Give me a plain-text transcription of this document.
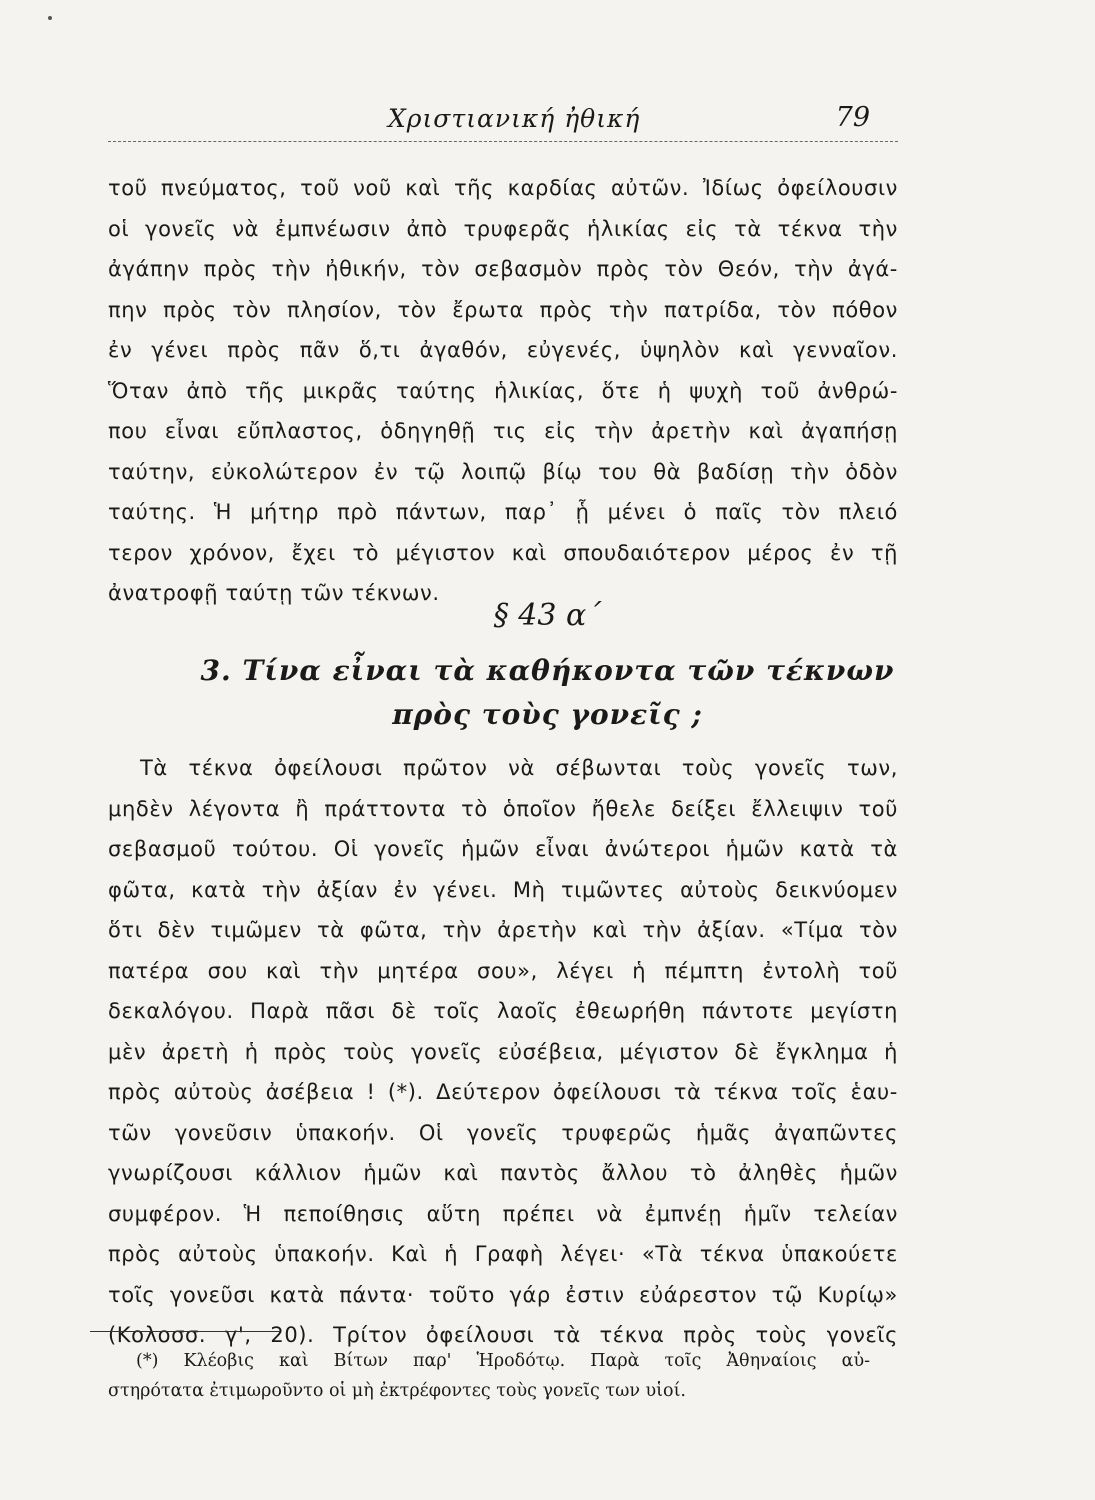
Χριστιανική ἠθική	79
τοῦ πνεύματος, τοῦ νοῦ καὶ τῆς καρδίας αὐτῶν. Ἰδίως ὀφείλουσιν
οἱ γονεῖς νὰ ἐμπνέωσιν ἀπὸ τρυφερᾶς ἡλικίας εἰς τὰ τέκνα τὴν
ἀγάπην πρὸς τὴν ἠθικήν, τὸν σεβασμὸν πρὸς τὸν Θεόν, τὴν ἀγά-
πην πρὸς τὸν πλησίον, τὸν ἔρωτα πρὸς τὴν πατρίδα, τὸν πόθον
ἐν γένει πρὸς πᾶν ὅ,τι ἀγαθόν, εὐγενές, ὑψηλὸν καὶ γενναῖον.
Ὅταν ἀπὸ τῆς μικρᾶς ταύτης ἡλικίας, ὅτε ἡ ψυχὴ τοῦ ἀνθρώ-
που εἶναι εὔπλαστος, ὁδηγηθῇ τις εἰς τὴν ἀρετὴν καὶ ἀγαπήσῃ
ταύτην, εὐκολώτερον ἐν τῷ λοιπῷ βίῳ του θὰ βαδίσῃ τὴν ὁδὸν
ταύτης. Ἡ μήτηρ πρὸ πάντων, παρ᾽ ᾗ μένει ὁ παῖς τὸν πλειό
τερον χρόνον, ἔχει τὸ μέγιστον καὶ σπουδαιότερον μέρος ἐν τῇ
ἀνατροφῇ ταύτῃ τῶν τέκνων.
§ 43 α΄
3. Τίνα εἶναι τὰ καθήκοντα τῶν τέκνων
πρὸς τοὺς γονεῖς ;
Τὰ τέκνα ὀφείλουσι πρῶτον νὰ σέβωνται τοὺς γονεῖς των,
μηδὲν λέγοντα ἢ πράττοντα τὸ ὁποῖον ἤθελε δείξει ἔλλειψιν τοῦ
σεβασμοῦ τούτου. Οἱ γονεῖς ἡμῶν εἶναι ἀνώτεροι ἡμῶν κατὰ τὰ
φῶτα, κατὰ τὴν ἀξίαν ἐν γένει. Μὴ τιμῶντες αὐτοὺς δεικνύομεν
ὅτι δὲν τιμῶμεν τὰ φῶτα, τὴν ἀρετὴν καὶ τὴν ἀξίαν. «Τίμα τὸν
πατέρα σου καὶ τὴν μητέρα σου», λέγει ἡ πέμπτη ἐντολὴ τοῦ
δεκαλόγου. Παρὰ πᾶσι δὲ τοῖς λαοῖς ἐθεωρήθη πάντοτε μεγίστη
μὲν ἀρετὴ ἡ πρὸς τοὺς γονεῖς εὐσέβεια, μέγιστον δὲ ἔγκλημα ἡ
πρὸς αὐτοὺς ἀσέβεια ! (*). Δεύτερον ὀφείλουσι τὰ τέκνα τοῖς ἑαυ-
τῶν γονεῦσιν ὑπακοήν. Οἱ γονεῖς τρυφερῶς ἡμᾶς ἀγαπῶντες
γνωρίζουσι κάλλιον ἡμῶν καὶ παντὸς ἄλλου τὸ ἀληθὲς ἡμῶν
συμφέρον. Ἡ πεποίθησις αὕτη πρέπει νὰ ἐμπνέῃ ἡμῖν τελείαν
πρὸς αὐτοὺς ὑπακοήν. Καὶ ἡ Γραφὴ λέγει· «Τὰ τέκνα ὑπακούετε
τοῖς γονεῦσι κατὰ πάντα· τοῦτο γάρ ἐστιν εὐάρεστον τῷ Κυρίῳ»
(Κολοσσ. γ', 20). Τρίτον ὀφείλουσι τὰ τέκνα πρὸς τοὺς γονεῖς
(*) Κλέοβις καὶ Βίτων παρ' Ἡροδότῳ. Παρὰ τοῖς Ἀθηναίοις αὐ-
στηρότατα ἐτιμωροῦντο οἱ μὴ ἐκτρέφοντες τοὺς γονεῖς των υἱοί.
